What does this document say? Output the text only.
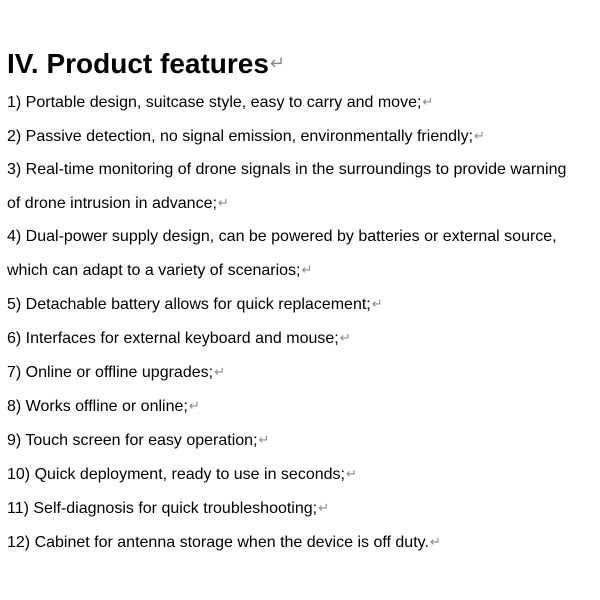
IV. Product features↵

1) Portable design, suitcase style, easy to carry and move;↵

2) Passive detection, no signal emission, environmentally friendly;↵

3) Real-time monitoring of drone signals in the surroundings to provide warning
of drone intrusion in advance;↵

4) Dual-power supply design, can be powered by batteries or external source,
which can adapt to a variety of scenarios;↵

5) Detachable battery allows for quick replacement;↵

6) Interfaces for external keyboard and mouse;↵

7) Online or offline upgrades;↵

8) Works offline or online;↵

9) Touch screen for easy operation;↵

10) Quick deployment, ready to use in seconds;↵

11) Self-diagnosis for quick troubleshooting;↵

12) Cabinet for antenna storage when the device is off duty.↵
